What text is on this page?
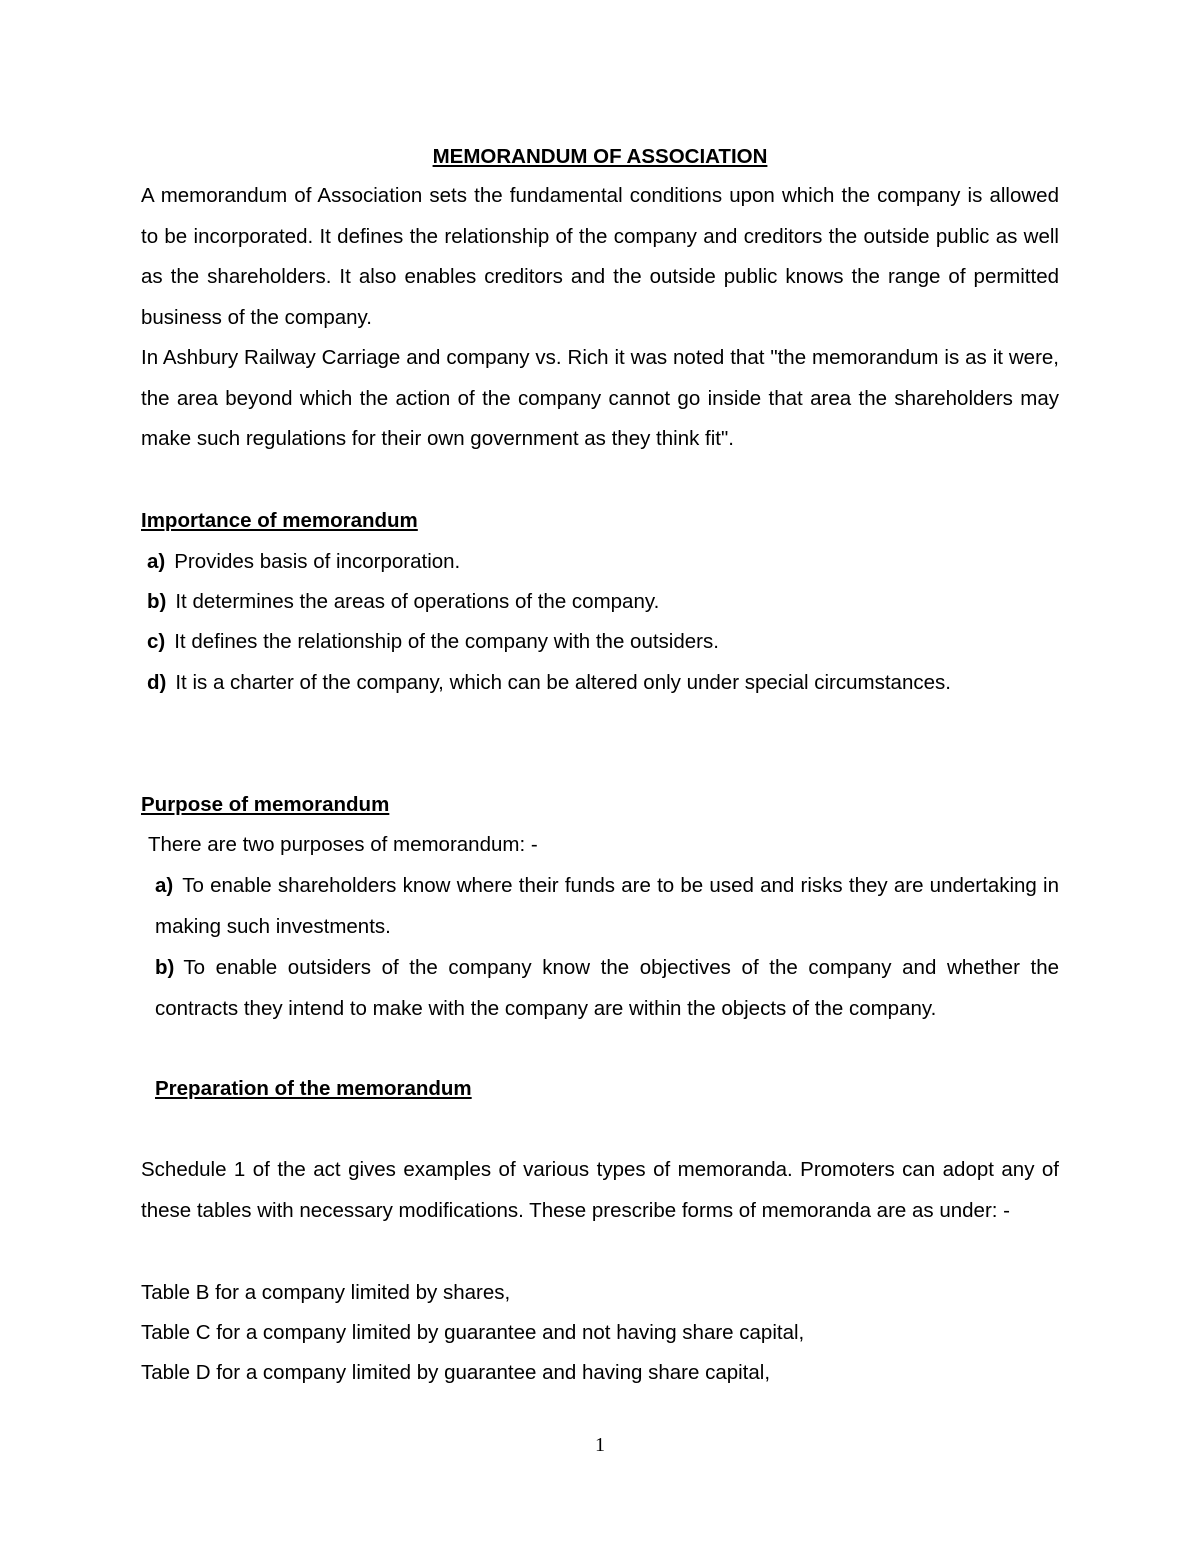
MEMORANDUM OF ASSOCIATION

A memorandum of Association sets the fundamental conditions upon which the company is allowed to be incorporated. It defines the relationship of the company and creditors the outside public as well as the shareholders. It also enables creditors and the outside public knows the range of permitted business of the company.

In Ashbury Railway Carriage and company vs. Rich it was noted that "the memorandum is as it were, the area beyond which the action of the company cannot go inside that area the shareholders may make such regulations for their own government as they think fit".

Importance of memorandum

a) Provides basis of incorporation.

b) It determines the areas of operations of the company.

c) It defines the relationship of the company with the outsiders.

d) It is a charter of the company, which can be altered only under special circumstances.

Purpose of memorandum
There are two purposes of memorandum: -

a) To enable shareholders know where their funds are to be used and risks they are undertaking in making such investments.

b) To enable outsiders of the company know the objectives of the company and whether the contracts they intend to make with the company are within the objects of the company.

Preparation of the memorandum

Schedule 1 of the act gives examples of various types of memoranda. Promoters can adopt any of these tables with necessary modifications. These prescribe forms of memoranda are as under: -

Table B for a company limited by shares,
Table C for a company limited by guarantee and not having share capital,
Table D for a company limited by guarantee and having share capital,
1
